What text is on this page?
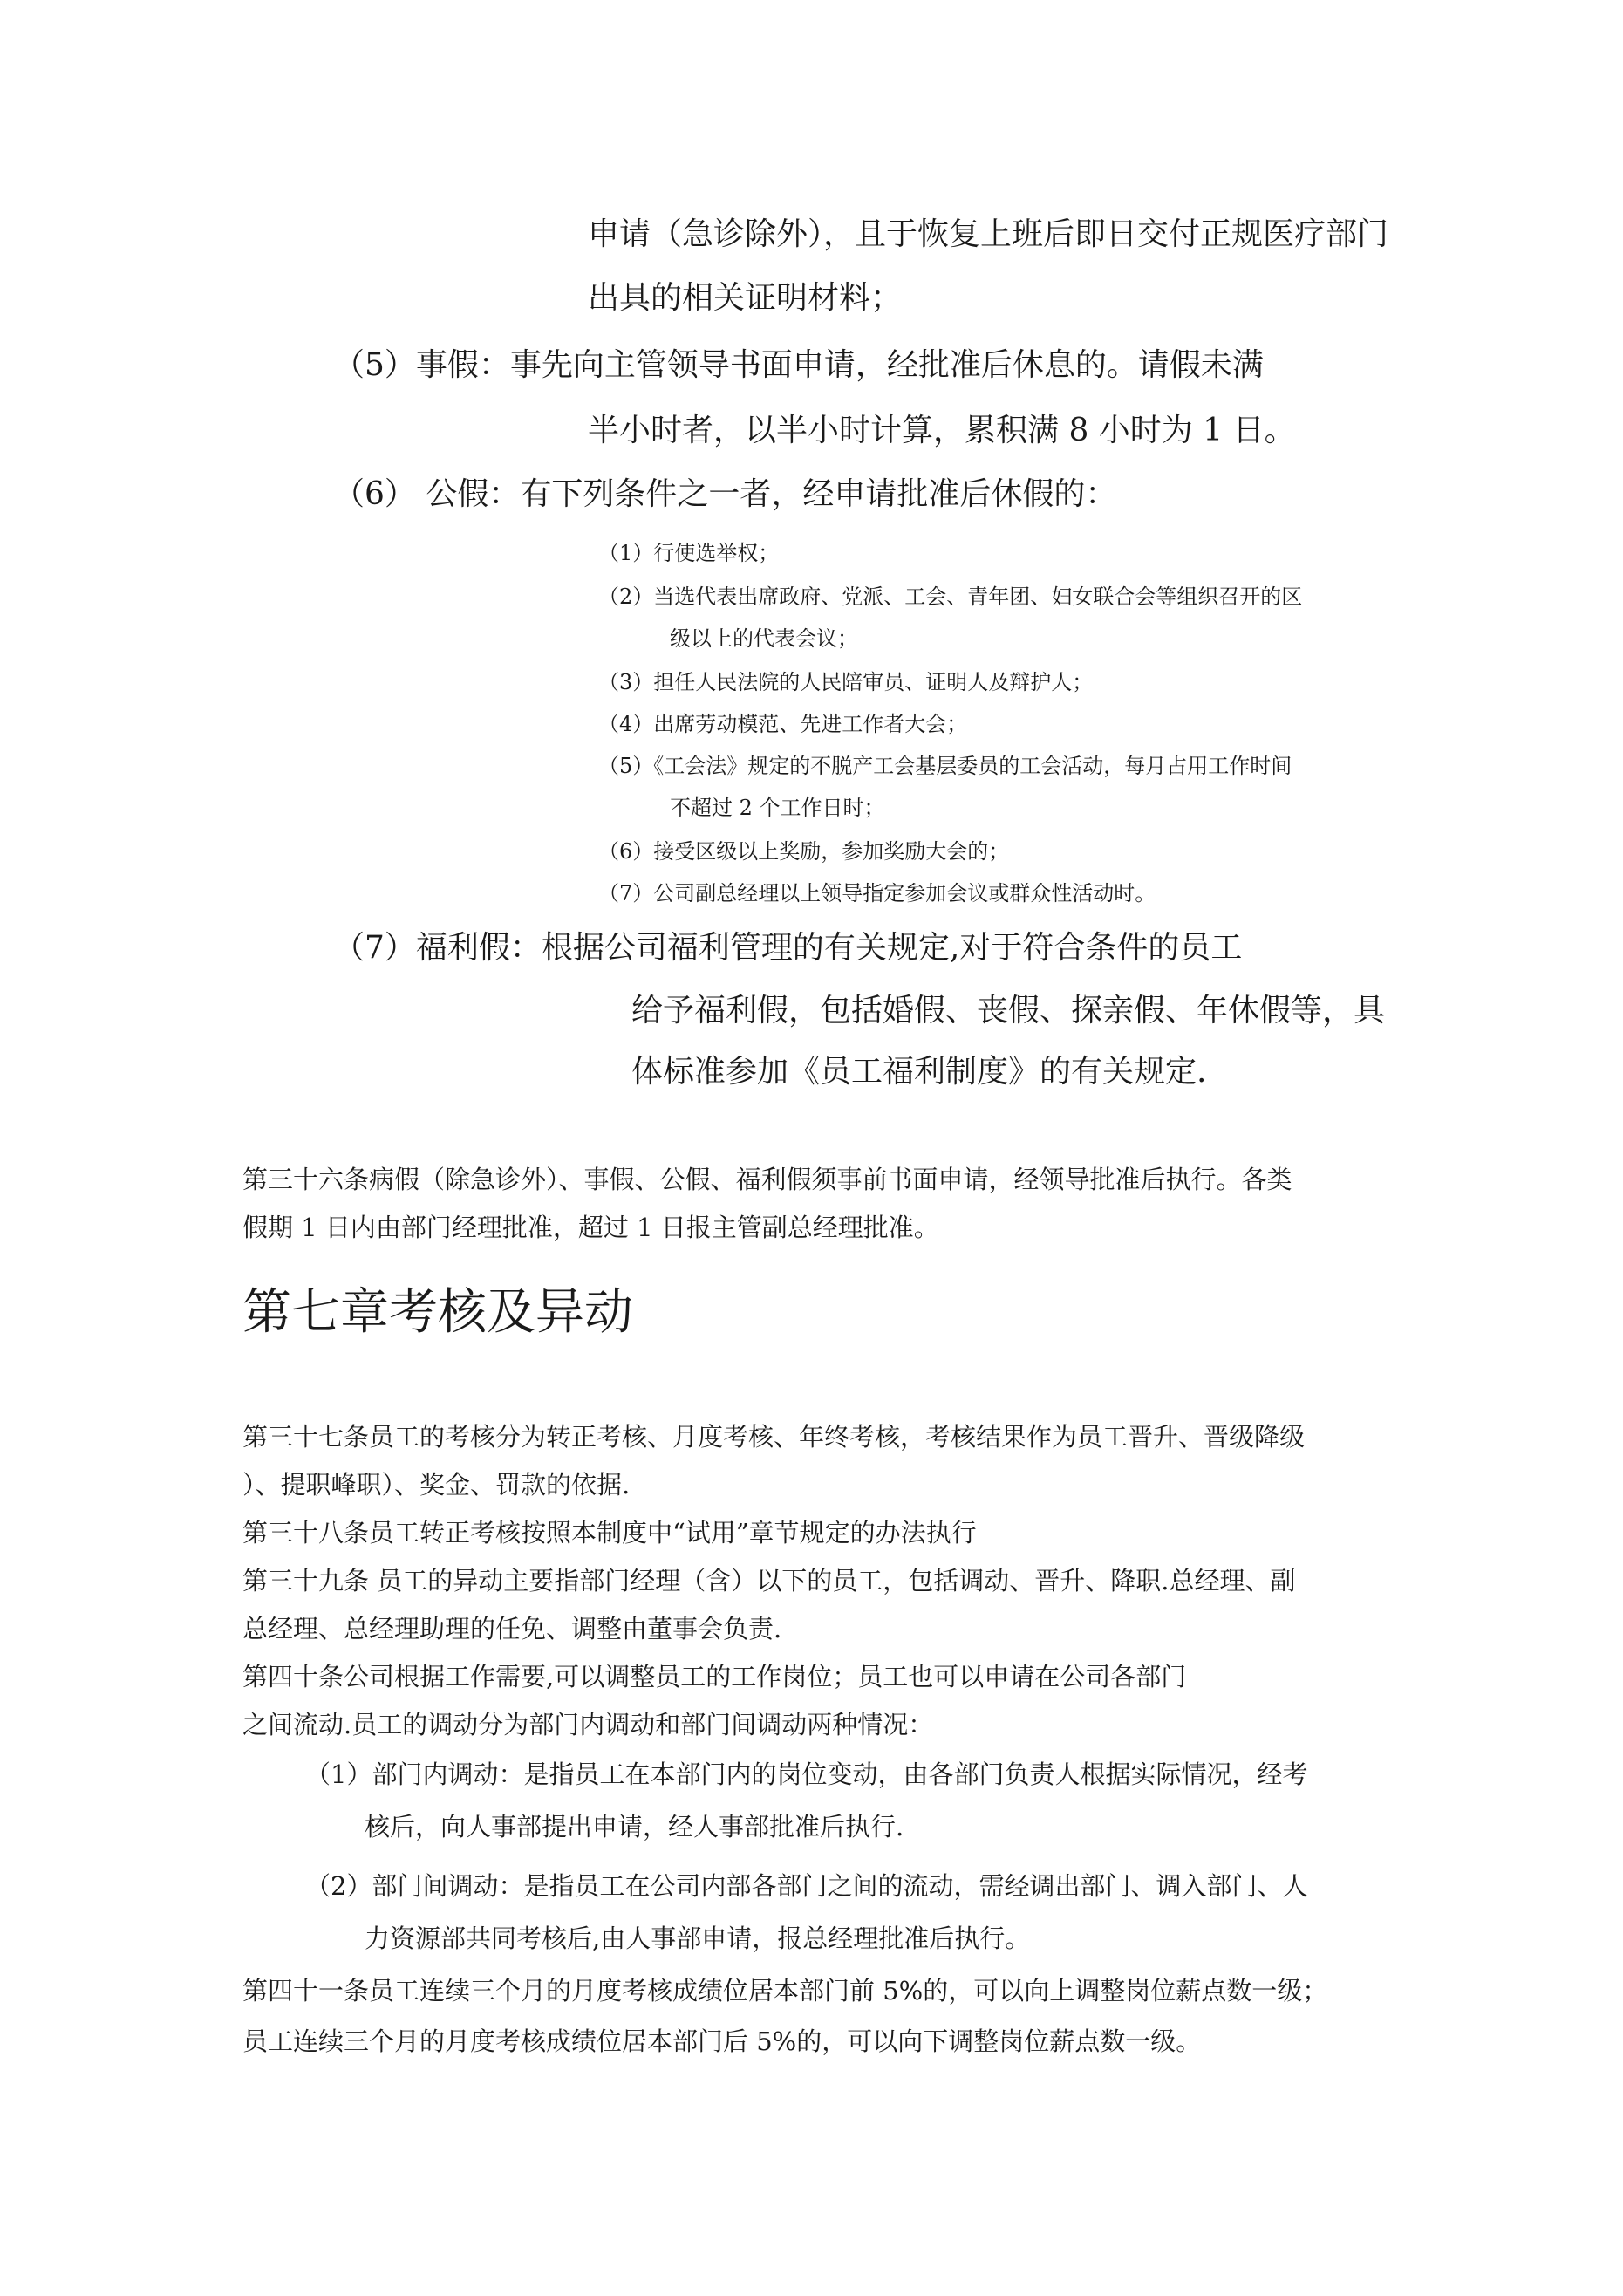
申请（急诊除外），且于恢复上班后即日交付正规医疗部门
出具的相关证明材料；
（5）事假：事先向主管领导书面申请，经批准后休息的。请假未满
半小时者，以半小时计算，累积满 8 小时为 1 日。
（6） 公假：有下列条件之一者，经申请批准后休假的：
（1）行使选举权；
（2）当选代表出席政府、党派、工会、青年团、妇女联合会等组织召开的区
级以上的代表会议；
（3）担任人民法院的人民陪审员、证明人及辩护人；
（4）出席劳动模范、先进工作者大会；
（5）《工会法》规定的不脱产工会基层委员的工会活动，每月占用工作时间
不超过 2 个工作日时；
（6）接受区级以上奖励，参加奖励大会的；
（7）公司副总经理以上领导指定参加会议或群众性活动时。
（7）福利假：根据公司福利管理的有关规定,对于符合条件的员工
给予福利假，包括婚假、丧假、探亲假、年休假等，具
体标准参加《员工福利制度》的有关规定.
第三十六条病假（除急诊外）、事假、公假、福利假须事前书面申请，经领导批准后执行。各类
假期 1 日内由部门经理批准，超过 1 日报主管副总经理批准。
第七章考核及异动
第三十七条员工的考核分为转正考核、月度考核、年终考核，考核结果作为员工晋升、晋级降级
）、提职峰职）、奖金、罚款的依据.
第三十八条员工转正考核按照本制度中“试用”章节规定的办法执行
第三十九条 员工的异动主要指部门经理（含）以下的员工，包括调动、晋升、降职.总经理、副
总经理、总经理助理的任免、调整由董事会负责.
第四十条公司根据工作需要,可以调整员工的工作岗位；员工也可以申请在公司各部门
之间流动.员工的调动分为部门内调动和部门间调动两种情况：
（1）部门内调动：是指员工在本部门内的岗位变动，由各部门负责人根据实际情况，经考
核后，向人事部提出申请，经人事部批准后执行.
（2）部门间调动：是指员工在公司内部各部门之间的流动，需经调出部门、调入部门、人
力资源部共同考核后,由人事部申请，报总经理批准后执行。
第四十一条员工连续三个月的月度考核成绩位居本部门前 5%的，可以向上调整岗位薪点数一级；
员工连续三个月的月度考核成绩位居本部门后 5%的，可以向下调整岗位薪点数一级。
